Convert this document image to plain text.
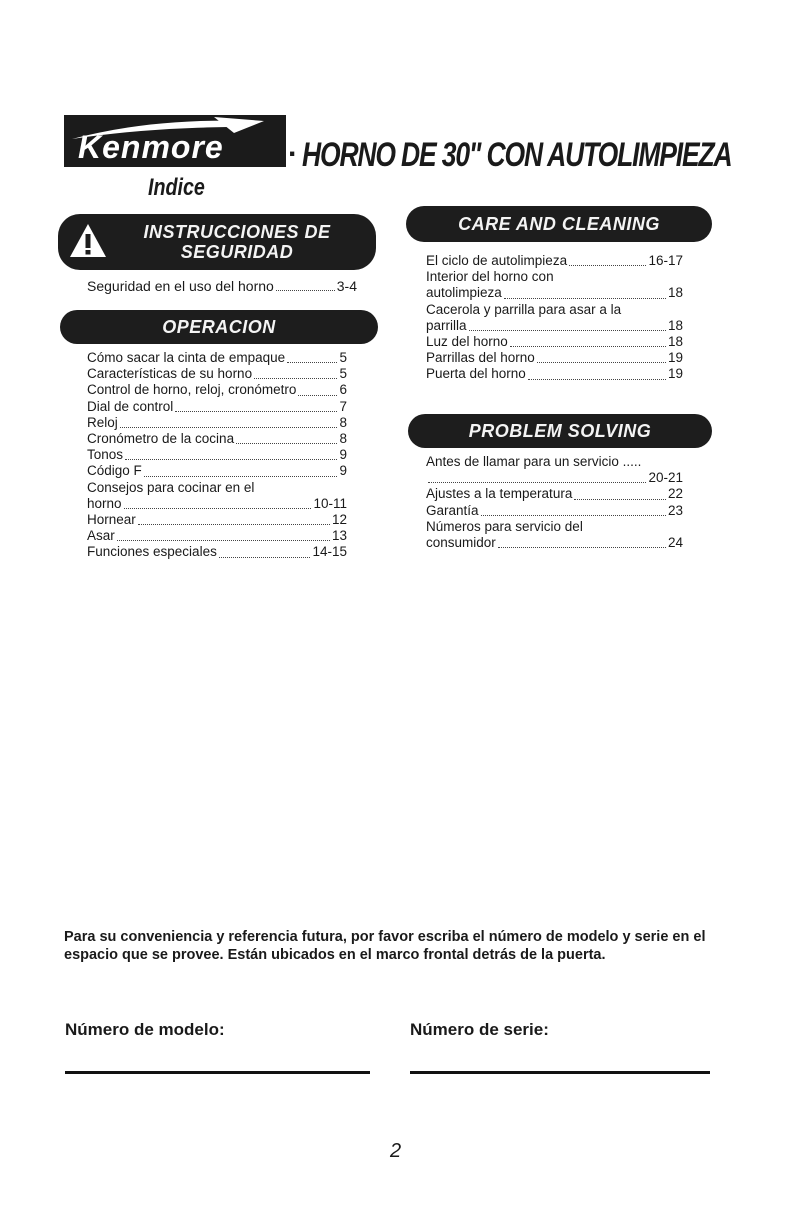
Kenmore . HORNO DE 30" CON AUTOLIMPIEZA
Indice
INSTRUCCIONES DE
SEGURIDAD
Seguridad en el uso del horno	3-4
OPERACION
Cómo sacar la cinta de empaque	5
Características de su horno	5
Control de horno, reloj, cronómetro	6
Dial de control	7
Reloj	8
Cronómetro de la cocina	8
Tonos	9
Código F	9
Consejos para cocinar en el
horno	10-11
Hornear	12
Asar	13
Funciones especiales	14-15
CARE AND CLEANING
El ciclo de autolimpieza	16-17
Interior del horno con
autolimpieza	18
Cacerola y parrilla para asar a la
parrilla	18
Luz del horno	18
Parrillas del horno	19
Puerta del horno	19
PROBLEM SOLVING
Antes de llamar para un servicio .....
20-21
Ajustes a la temperatura	22
Garantía	23
Números para servicio del
consumidor	24
Para su conveniencia y referencia futura, por favor escriba el número de modelo y serie en el espacio que se provee. Están ubicados en el marco frontal detrás de la puerta.
Número de modelo:	Número de serie:
2
